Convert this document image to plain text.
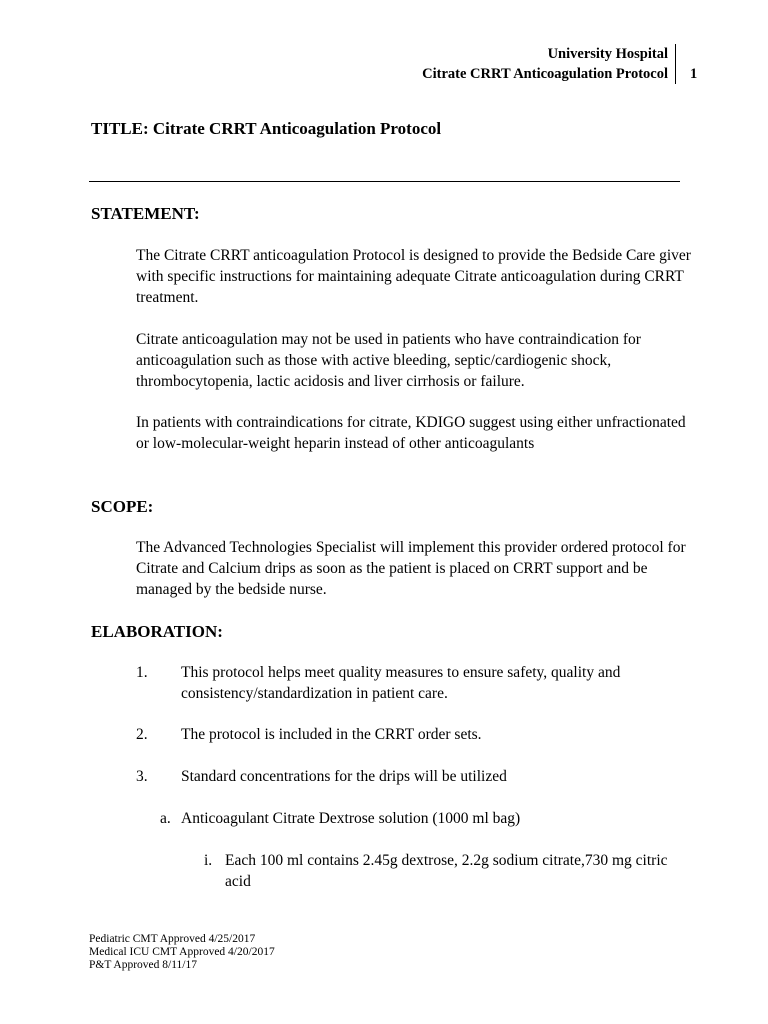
University Hospital
Citrate CRRT Anticoagulation Protocol 1
TITLE: Citrate CRRT Anticoagulation Protocol
STATEMENT:

The Citrate CRRT anticoagulation Protocol is designed to provide the Bedside Care giver with specific instructions for maintaining adequate Citrate anticoagulation during CRRT treatment.

Citrate anticoagulation may not be used in patients who have contraindication for anticoagulation such as those with active bleeding, septic/cardiogenic shock, thrombocytopenia, lactic acidosis and liver cirrhosis or failure.

In patients with contraindications for citrate, KDIGO suggest using either unfractionated or low-molecular-weight heparin instead of other anticoagulants

SCOPE:

The Advanced Technologies Specialist will implement this provider ordered protocol for Citrate and Calcium drips as soon as the patient is placed on CRRT support and be managed by the bedside nurse.

ELABORATION:
1. This protocol helps meet quality measures to ensure safety, quality and consistency/standardization in patient care.

2. The protocol is included in the CRRT order sets.

3. Standard concentrations for the drips will be utilized

a. Anticoagulant Citrate Dextrose solution (1000 ml bag)
i. Each 100 ml contains 2.45g dextrose, 2.2g sodium citrate,730 mg citric acid

Pediatric CMT Approved 4/25/2017
Medical ICU CMT Approved 4/20/2017
P&T Approved 8/11/17
